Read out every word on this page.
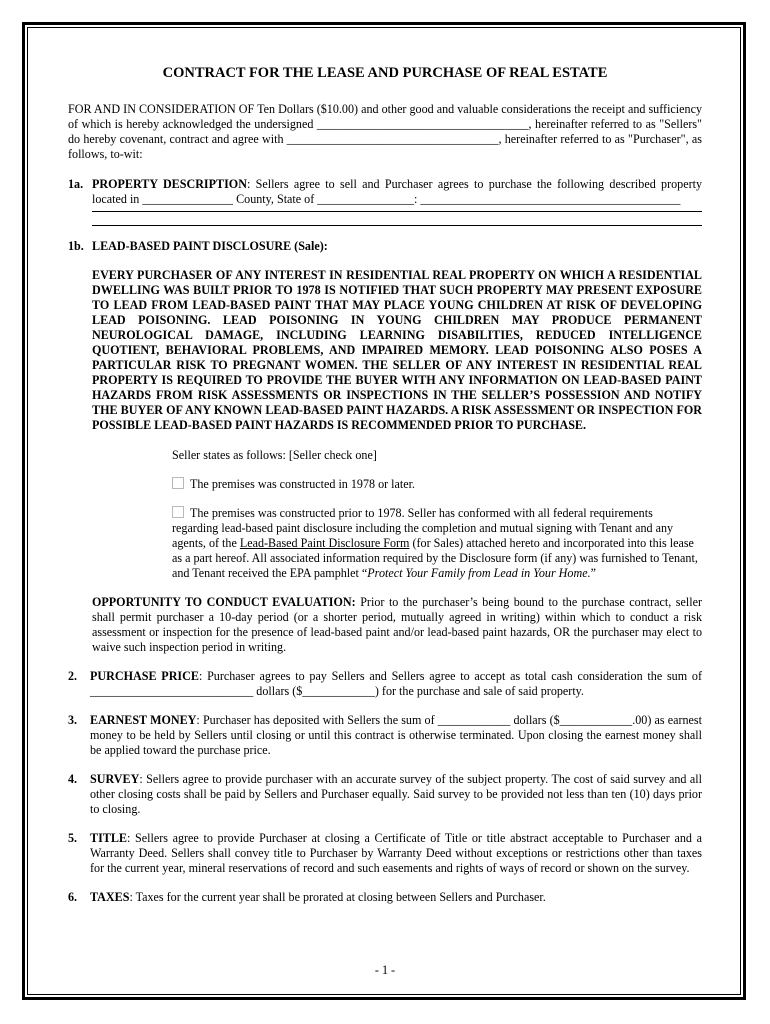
CONTRACT FOR THE LEASE AND PURCHASE OF REAL ESTATE

FOR AND IN CONSIDERATION OF Ten Dollars ($10.00) and other good and valuable considerations the receipt and sufficiency of which is hereby acknowledged the undersigned ___________________________________, hereinafter referred to as "Sellers" do hereby covenant, contract and agree with ___________________________________, hereinafter referred to as "Purchaser", as follows, to-wit:

1a. PROPERTY DESCRIPTION: Sellers agree to sell and Purchaser agrees to purchase the following described property

located in _______________ County, State of ________________: ___________________________________________

1b. LEAD-BASED PAINT DISCLOSURE (Sale):

EVERY PURCHASER OF ANY INTEREST IN RESIDENTIAL REAL PROPERTY ON WHICH A RESIDENTIAL DWELLING WAS BUILT PRIOR TO 1978 IS NOTIFIED THAT SUCH PROPERTY MAY PRESENT EXPOSURE TO LEAD FROM LEAD-BASED PAINT THAT MAY PLACE YOUNG CHILDREN AT RISK OF DEVELOPING LEAD POISONING. LEAD POISONING IN YOUNG CHILDREN MAY PRODUCE PERMANENT NEUROLOGICAL DAMAGE, INCLUDING LEARNING DISABILITIES, REDUCED INTELLIGENCE QUOTIENT, BEHAVIORAL PROBLEMS, AND IMPAIRED MEMORY. LEAD POISONING ALSO POSES A PARTICULAR RISK TO PREGNANT WOMEN. THE SELLER OF ANY INTEREST IN RESIDENTIAL REAL PROPERTY IS REQUIRED TO PROVIDE THE BUYER WITH ANY INFORMATION ON LEAD-BASED PAINT HAZARDS FROM RISK ASSESSMENTS OR INSPECTIONS IN THE SELLER’S POSSESSION AND NOTIFY THE BUYER OF ANY KNOWN LEAD-BASED PAINT HAZARDS. A RISK ASSESSMENT OR INSPECTION FOR POSSIBLE LEAD-BASED PAINT HAZARDS IS RECOMMENDED PRIOR TO PURCHASE.

Seller states as follows: [Seller check one]

The premises was constructed in 1978 or later.

The premises was constructed prior to 1978. Seller has conformed with all federal requirements regarding lead-based paint disclosure including the completion and mutual signing with Tenant and any agents, of the Lead-Based Paint Disclosure Form (for Sales) attached hereto and incorporated into this lease as a part hereof. All associated information required by the Disclosure form (if any) was furnished to Tenant, and Tenant received the EPA pamphlet “Protect Your Family from Lead in Your Home.”

OPPORTUNITY TO CONDUCT EVALUATION: Prior to the purchaser’s being bound to the purchase contract, seller shall permit purchaser a 10-day period (or a shorter period, mutually agreed in writing) within which to conduct a risk assessment or inspection for the presence of lead-based paint and/or lead-based paint hazards, OR the purchaser may elect to waive such inspection period in writing.

2.	PURCHASE PRICE: Purchaser agrees to pay Sellers and Sellers agree to accept as total cash consideration the sum of

___________________________ dollars ($____________) for the purchase and sale of said property.

3.	EARNEST MONEY: Purchaser has deposited with Sellers the sum of ____________ dollars ($____________.00) as earnest money to be held by Sellers until closing or until this contract is otherwise terminated. Upon closing the earnest money shall be applied toward the purchase price.

4.	SURVEY: Sellers agree to provide purchaser with an accurate survey of the subject property. The cost of said survey and all other closing costs shall be paid by Sellers and Purchaser equally. Said survey to be provided not less than ten (10) days prior to closing.

5.	TITLE: Sellers agree to provide Purchaser at closing a Certificate of Title or title abstract acceptable to Purchaser and a Warranty Deed. Sellers shall convey title to Purchaser by Warranty Deed without exceptions or restrictions other than taxes for the current year, mineral reservations of record and such easements and rights of ways of record or shown on the survey.

6.	TAXES: Taxes for the current year shall be prorated at closing between Sellers and Purchaser.

- 1 -
